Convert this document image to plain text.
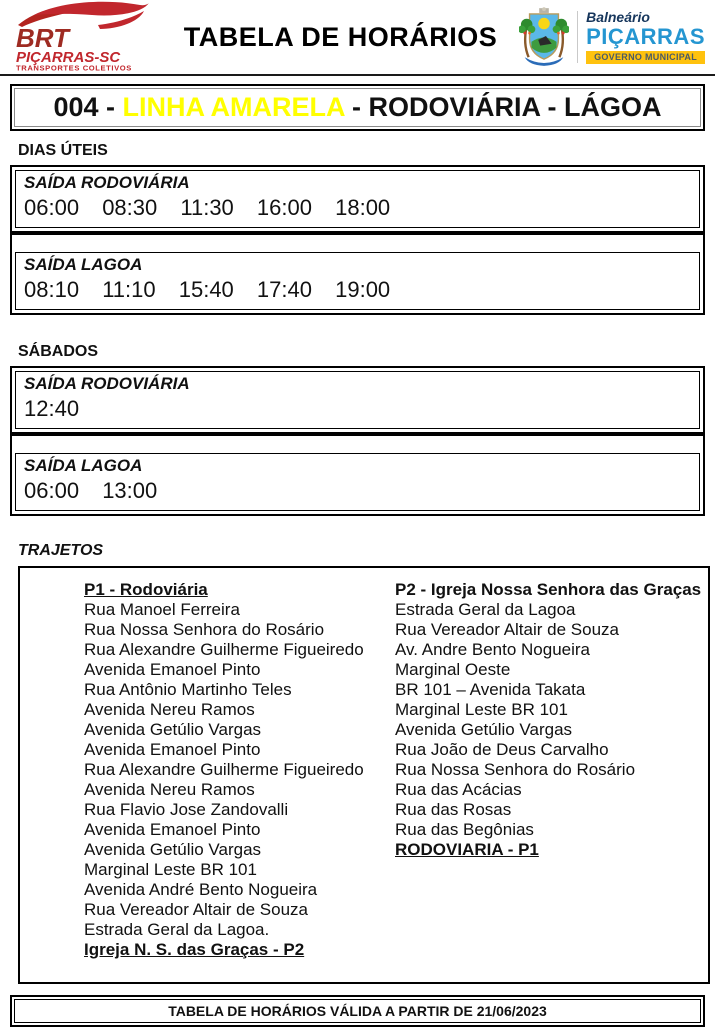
BRT
PIÇARRAS-SC
TRANSPORTES COLETIVOS
TABELA DE HORÁRIOS
Balneário
PIÇARRAS
GOVERNO MUNICIPAL
004 - LINHA AMARELA - RODOVIÁRIA - LÁGOA
DIAS ÚTEIS
SAÍDA RODOVIÁRIA
06:00 08:30 11:30 16:00 18:00
SAÍDA LAGOA
08:10 11:10 15:40 17:40 19:00
SÁBADOS
SAÍDA RODOVIÁRIA
12:40
SAÍDA LAGOA
06:00 13:00
TRAJETOS
P1 - Rodoviária
Rua Manoel Ferreira
Rua Nossa Senhora do Rosário
Rua Alexandre Guilherme Figueiredo
Avenida Emanoel Pinto
Rua Antônio Martinho Teles
Avenida Nereu Ramos
Avenida Getúlio Vargas
Avenida Emanoel Pinto
Rua Alexandre Guilherme Figueiredo
Avenida Nereu Ramos
Rua Flavio Jose Zandovalli
Avenida Emanoel Pinto
Avenida Getúlio Vargas
Marginal Leste BR 101
Avenida André Bento Nogueira
Rua Vereador Altair de Souza
Estrada Geral da Lagoa.
Igreja N. S. das Graças - P2
P2 - Igreja Nossa Senhora das Graças
Estrada Geral da Lagoa
Rua Vereador Altair de Souza
Av. Andre Bento Nogueira
Marginal Oeste
BR 101 – Avenida Takata
Marginal Leste BR 101
Avenida Getúlio Vargas
Rua João de Deus Carvalho
Rua Nossa Senhora do Rosário
Rua das Acácias
Rua das Rosas
Rua das Begônias
RODOVIARIA - P1
TABELA DE HORÁRIOS VÁLIDA A PARTIR DE 21/06/2023
